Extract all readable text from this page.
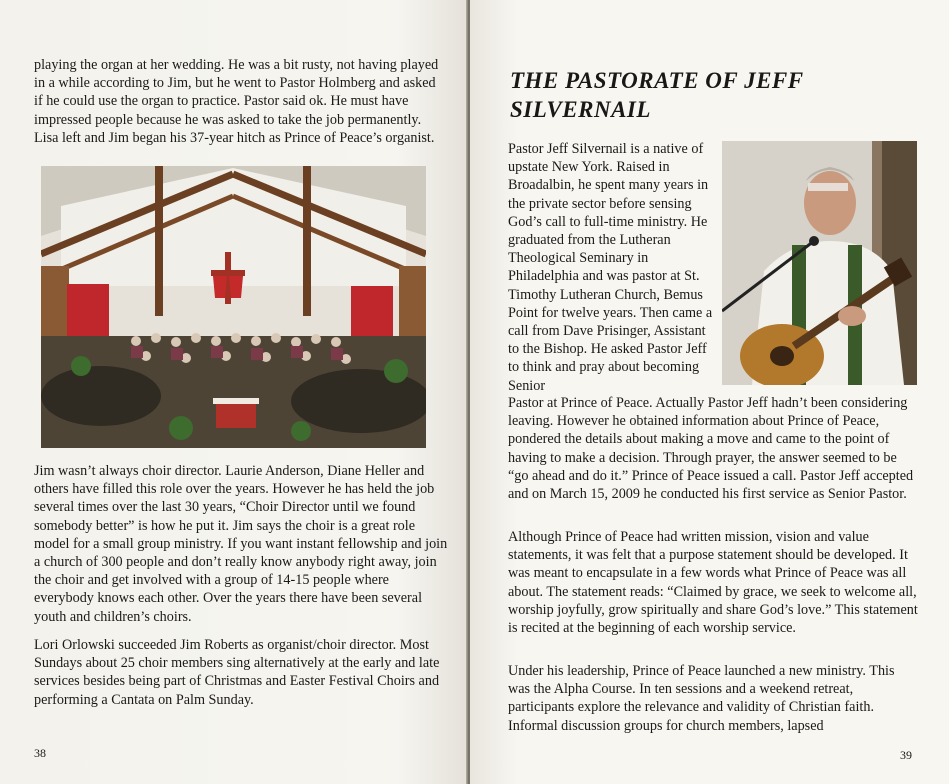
playing the organ at her wedding. He was a bit rusty, not having played in a while according to Jim, but he went to Pastor Holmberg and asked if he could use the organ to practice. Pastor said ok. He must have impressed people because he was asked to take the job permanently. Lisa left and Jim began his 37-year hitch as Prince of Peace’s organist.

Jim wasn’t always choir director. Laurie Anderson, Diane Heller and others have filled this role over the years. However he has held the job several times over the last 30 years, “Choir Director until we found somebody better” is how he put it. Jim says the choir is a great role model for a small group ministry. If you want instant fellowship and join a church of 300 people and don’t really know anybody right away, join the choir and get involved with a group of 14-15 people where everybody knows each other. Over the years there have been several youth and children’s choirs.

Lori Orlowski succeeded Jim Roberts as organist/choir director. Most Sundays about 25 choir members sing alternatively at the early and late services besides being part of Christmas and Easter Festival Choirs and performing a Cantata on Palm Sunday.

38
THE PASTORATE OF JEFF SILVERNAIL

Pastor Jeff Silvernail is a native of upstate New York. Raised in Broadalbin, he spent many years in the private sector before sensing God’s call to full-time ministry. He graduated from the Lutheran Theological Seminary in Philadelphia and was pastor at St. Timothy Lutheran Church, Bemus Point for twelve years. Then came a call from Dave Prisinger, Assistant to the Bishop. He asked Pastor Jeff to think and pray about becoming Senior

Pastor at Prince of Peace. Actually Pastor Jeff hadn’t been considering leaving. However he obtained information about Prince of Peace, pondered the details about making a move and came to the point of having to make a decision. Through prayer, the answer seemed to be “go ahead and do it.” Prince of Peace issued a call. Pastor Jeff accepted and on March 15, 2009 he conducted his first service as Senior Pastor.

Although Prince of Peace had written mission, vision and value statements, it was felt that a purpose statement should be developed. It was meant to encapsulate in a few words what Prince of Peace was all about. The statement reads: “Claimed by grace, we seek to welcome all, worship joyfully, grow spiritually and share God’s love.” This statement is recited at the beginning of each worship service.

Under his leadership, Prince of Peace launched a new ministry. This was the Alpha Course. In ten sessions and a weekend retreat, participants explore the relevance and validity of Christian faith. Informal discussion groups for church members, lapsed

39
